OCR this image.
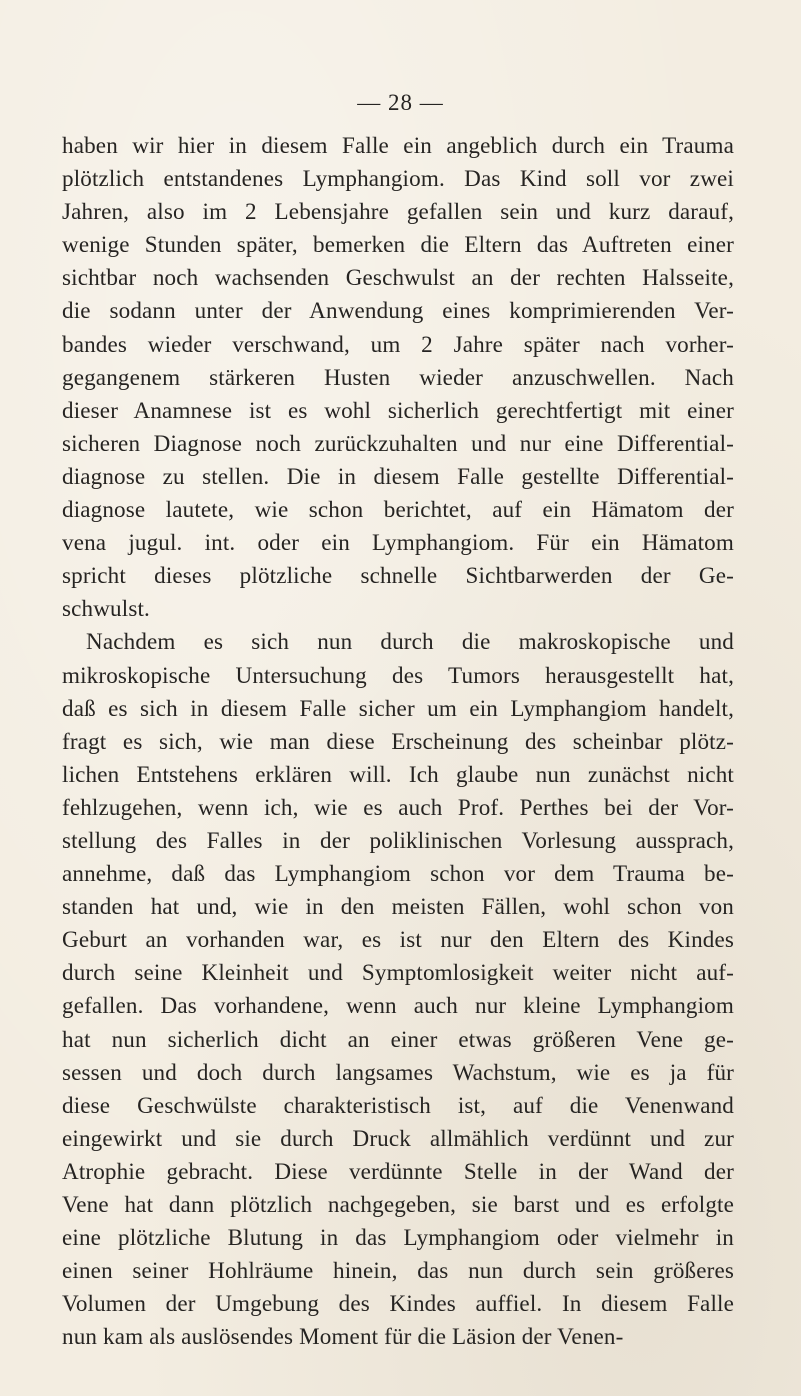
— 28 —
haben wir hier in diesem Falle ein angeblich durch ein Trauma
plötzlich entstandenes Lymphangiom. Das Kind soll vor zwei
Jahren, also im 2 Lebensjahre gefallen sein und kurz darauf,
wenige Stunden später, bemerken die Eltern das Auftreten einer
sichtbar noch wachsenden Geschwulst an der rechten Halsseite,
die sodann unter der Anwendung eines komprimierenden Ver-
bandes wieder verschwand, um 2 Jahre später nach vorher-
gegangenem stärkeren Husten wieder anzuschwellen. Nach
dieser Anamnese ist es wohl sicherlich gerechtfertigt mit einer
sicheren Diagnose noch zurückzuhalten und nur eine Differential-
diagnose zu stellen. Die in diesem Falle gestellte Differential-
diagnose lautete, wie schon berichtet, auf ein Hämatom der
vena jugul. int. oder ein Lymphangiom. Für ein Hämatom
spricht dieses plötzliche schnelle Sichtbarwerden der Ge-
schwulst.
Nachdem es sich nun durch die makroskopische und
mikroskopische Untersuchung des Tumors herausgestellt hat,
daß es sich in diesem Falle sicher um ein Lymphangiom handelt,
fragt es sich, wie man diese Erscheinung des scheinbar plötz-
lichen Entstehens erklären will. Ich glaube nun zunächst nicht
fehlzugehen, wenn ich, wie es auch Prof. Perthes bei der Vor-
stellung des Falles in der poliklinischen Vorlesung aussprach,
annehme, daß das Lymphangiom schon vor dem Trauma be-
standen hat und, wie in den meisten Fällen, wohl schon von
Geburt an vorhanden war, es ist nur den Eltern des Kindes
durch seine Kleinheit und Symptomlosigkeit weiter nicht auf-
gefallen. Das vorhandene, wenn auch nur kleine Lymphangiom
hat nun sicherlich dicht an einer etwas größeren Vene ge-
sessen und doch durch langsames Wachstum, wie es ja für
diese Geschwülste charakteristisch ist, auf die Venenwand
eingewirkt und sie durch Druck allmählich verdünnt und zur
Atrophie gebracht. Diese verdünnte Stelle in der Wand der
Vene hat dann plötzlich nachgegeben, sie barst und es erfolgte
eine plötzliche Blutung in das Lymphangiom oder vielmehr in
einen seiner Hohlräume hinein, das nun durch sein größeres
Volumen der Umgebung des Kindes auffiel. In diesem Falle
nun kam als auslösendes Moment für die Läsion der Venen-
